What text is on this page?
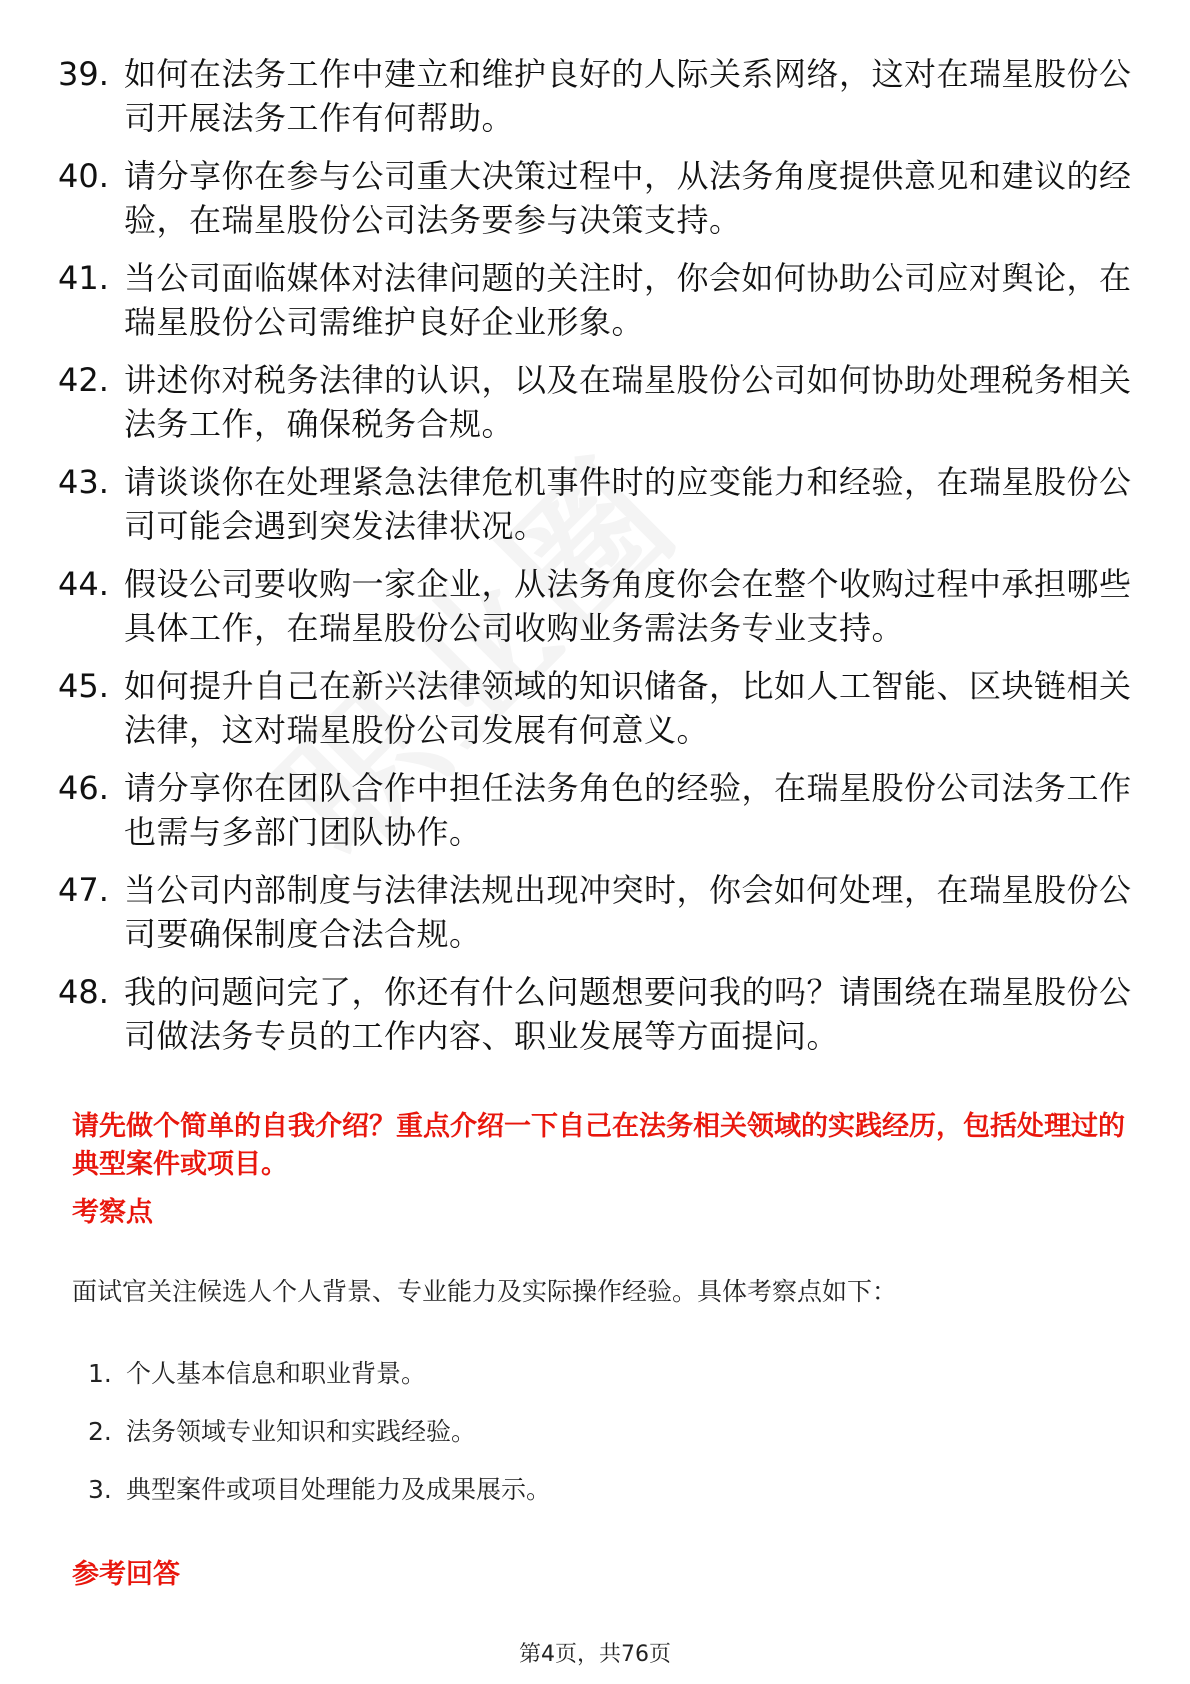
39. 如何在法务工作中建立和维护良好的人际关系网络，这对在瑞星股份公司开展法务工作有何帮助。
40. 请分享你在参与公司重大决策过程中，从法务角度提供意见和建议的经验，在瑞星股份公司法务要参与决策支持。
41. 当公司面临媒体对法律问题的关注时，你会如何协助公司应对舆论，在瑞星股份公司需维护良好企业形象。
42. 讲述你对税务法律的认识，以及在瑞星股份公司如何协助处理税务相关法务工作，确保税务合规。
43. 请谈谈你在处理紧急法律危机事件时的应变能力和经验，在瑞星股份公司可能会遇到突发法律状况。
44. 假设公司要收购一家企业，从法务角度你会在整个收购过程中承担哪些具体工作，在瑞星股份公司收购业务需法务专业支持。
45. 如何提升自己在新兴法律领域的知识储备，比如人工智能、区块链相关法律，这对瑞星股份公司发展有何意义。
46. 请分享你在团队合作中担任法务角色的经验，在瑞星股份公司法务工作也需与多部门团队协作。
47. 当公司内部制度与法律法规出现冲突时，你会如何处理，在瑞星股份公司要确保制度合法合规。
48. 我的问题问完了，你还有什么问题想要问我的吗？请围绕在瑞星股份公司做法务专员的工作内容、职业发展等方面提问。

请先做个简单的自我介绍？重点介绍一下自己在法务相关领域的实践经历，包括处理过的典型案件或项目。

考察点

面试官关注候选人个人背景、专业能力及实际操作经验。具体考察点如下：

1. 个人基本信息和职业背景。
2. 法务领域专业知识和实践经验。
3. 典型案件或项目处理能力及成果展示。
参考回答
第4页，共76页
